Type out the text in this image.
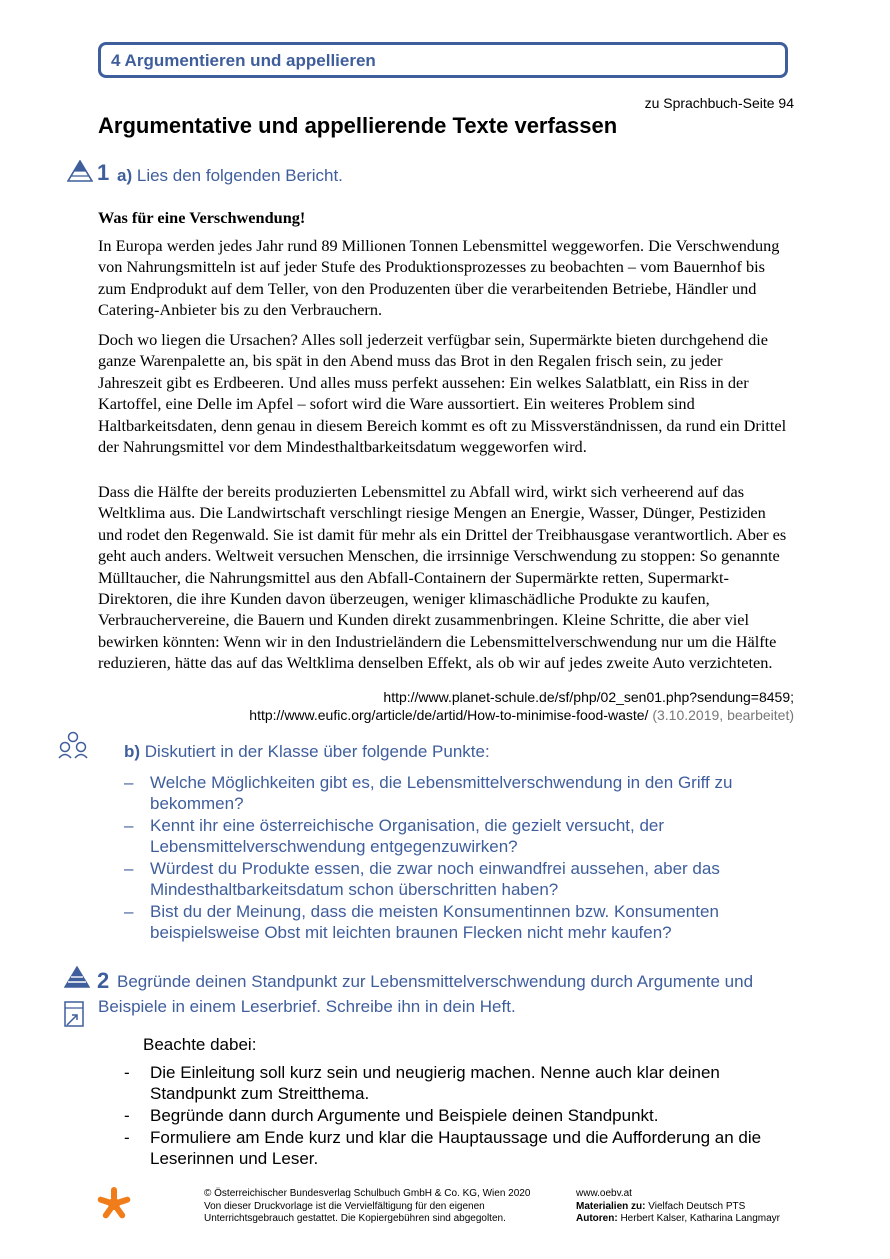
4 Argumentieren und appellieren
zu Sprachbuch-Seite 94
Argumentative und appellierende Texte verfassen
1 a) Lies den folgenden Bericht.
Was für eine Verschwendung!

In Europa werden jedes Jahr rund 89 Millionen Tonnen Lebensmittel weggeworfen. Die Verschwendung von Nahrungsmitteln ist auf jeder Stufe des Produktionsprozesses zu beobachten – vom Bauernhof bis zum Endprodukt auf dem Teller, von den Produzenten über die verarbeitenden Betriebe, Händler und Catering-Anbieter bis zu den Verbrauchern.

Doch wo liegen die Ursachen? Alles soll jederzeit verfügbar sein, Supermärkte bieten durchgehend die ganze Warenpalette an, bis spät in den Abend muss das Brot in den Regalen frisch sein, zu jeder Jahreszeit gibt es Erdbeeren. Und alles muss perfekt aussehen: Ein welkes Salatblatt, ein Riss in der Kartoffel, eine Delle im Apfel – sofort wird die Ware aussortiert. Ein weiteres Problem sind Haltbarkeitsdaten, denn genau in diesem Bereich kommt es oft zu Missverständnissen, da rund ein Drittel der Nahrungsmittel vor dem Mindesthaltbarkeitsdatum weggeworfen wird.

Dass die Hälfte der bereits produzierten Lebensmittel zu Abfall wird, wirkt sich verheerend auf das Weltklima aus. Die Landwirtschaft verschlingt riesige Mengen an Energie, Wasser, Dünger, Pestiziden und rodet den Regenwald. Sie ist damit für mehr als ein Drittel der Treibhausgase verantwortlich. Aber es geht auch anders. Weltweit versuchen Menschen, die irrsinnige Verschwendung zu stoppen: So genannte Mülltaucher, die Nahrungsmittel aus den Abfall-Containern der Supermärkte retten, Supermarkt-Direktoren, die ihre Kunden davon überzeugen, weniger klimaschädliche Produkte zu kaufen, Verbrauchervereine, die Bauern und Kunden direkt zusammenbringen. Kleine Schritte, die aber viel bewirken könnten: Wenn wir in den Industrieländern die Lebensmittelverschwendung nur um die Hälfte reduzieren, hätte das auf das Weltklima denselben Effekt, als ob wir auf jedes zweite Auto verzichteten.

http://www.planet-schule.de/sf/php/02_sen01.php?sendung=8459;
http://www.eufic.org/article/de/artid/How-to-minimise-food-waste/ (3.10.2019, bearbeitet)
b) Diskutiert in der Klasse über folgende Punkte:
– Welche Möglichkeiten gibt es, die Lebensmittelverschwendung in den Griff zu bekommen?
– Kennt ihr eine österreichische Organisation, die gezielt versucht, der Lebensmittelverschwendung entgegenzuwirken?
– Würdest du Produkte essen, die zwar noch einwandfrei aussehen, aber das Mindesthaltbarkeitsdatum schon überschritten haben?
– Bist du der Meinung, dass die meisten Konsumentinnen bzw. Konsumenten beispielsweise Obst mit leichten braunen Flecken nicht mehr kaufen?
2 Begründe deinen Standpunkt zur Lebensmittelverschwendung durch Argumente und
Beispiele in einem Leserbrief. Schreibe ihn in dein Heft.
Beachte dabei:
- Die Einleitung soll kurz sein und neugierig machen. Nenne auch klar deinen Standpunkt zum Streitthema.
- Begründe dann durch Argumente und Beispiele deinen Standpunkt.
- Formuliere am Ende kurz und klar die Hauptaussage und die Aufforderung an die Leserinnen und Leser.
© Österreichischer Bundesverlag Schulbuch GmbH & Co. KG, Wien 2020
Von dieser Druckvorlage ist die Vervielfältigung für den eigenen
Unterrichtsgebrauch gestattet. Die Kopiergebühren sind abgegolten.
www.oebv.at
Materialien zu: Vielfach Deutsch PTS
Autoren: Herbert Kalser, Katharina Langmayr
